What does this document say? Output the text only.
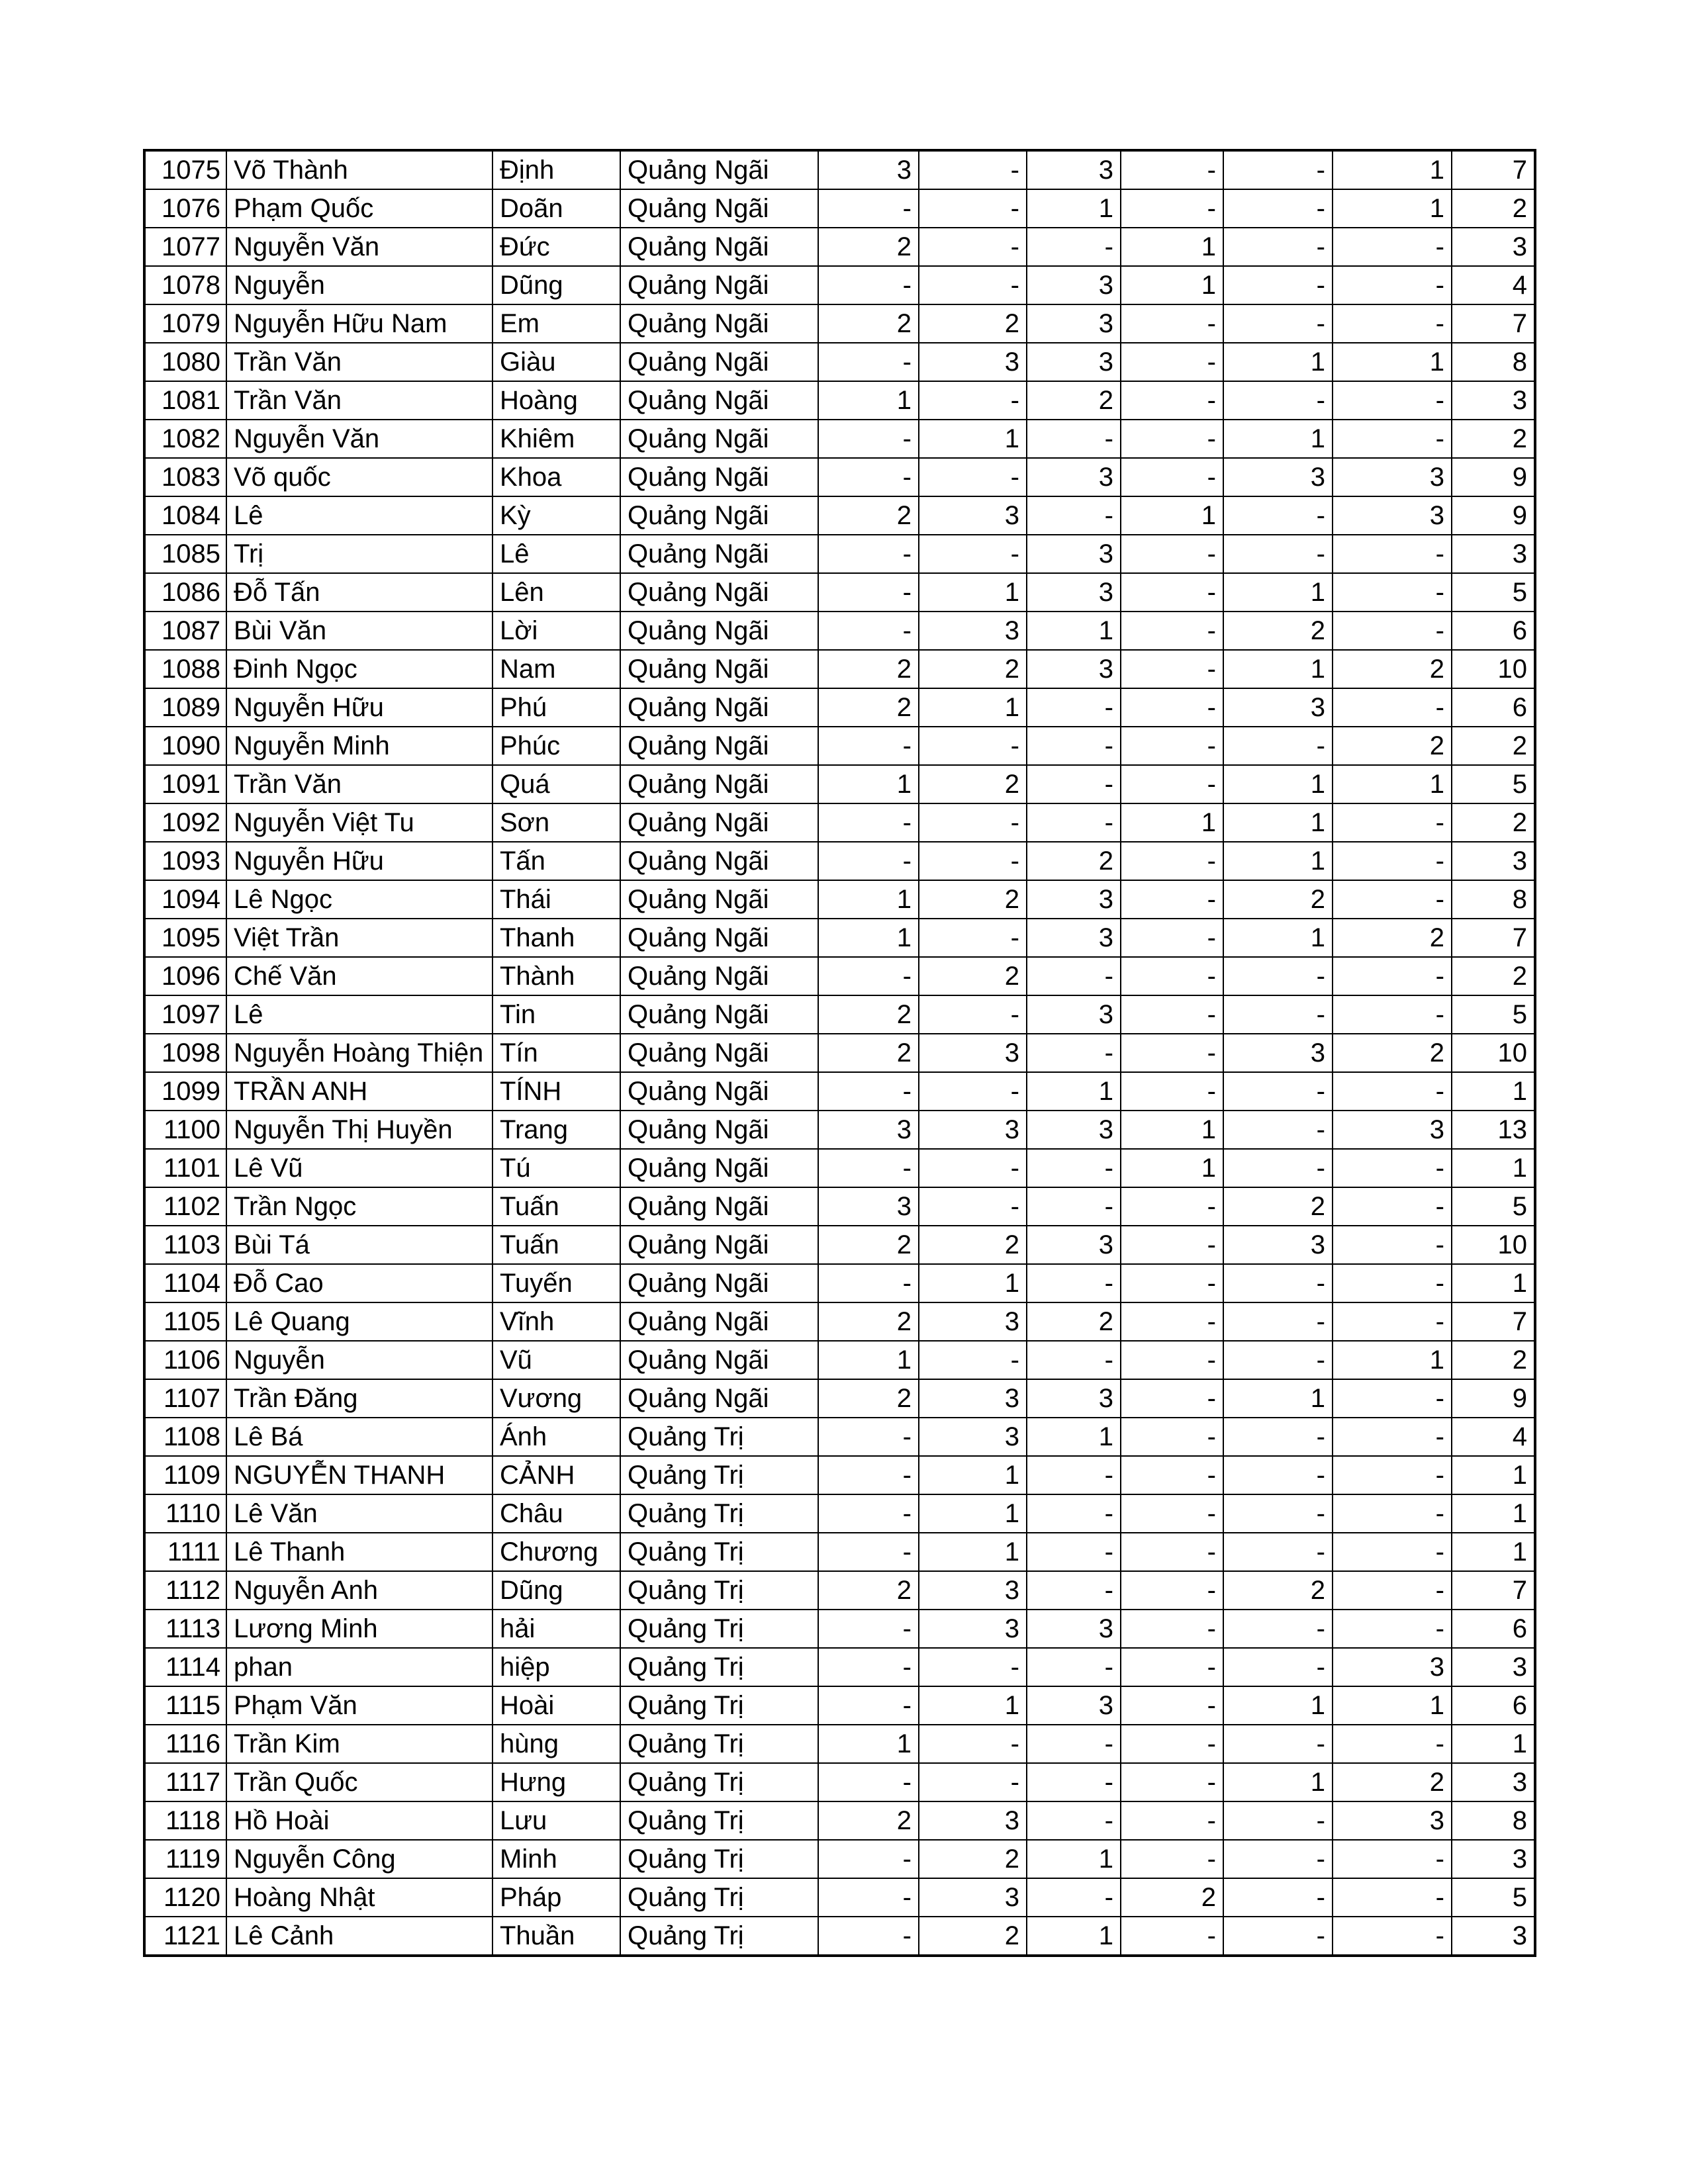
1075	Võ Thành	Định	Quảng Ngãi	3	-	3	-	-	1	7
1076	Phạm Quốc	Doãn	Quảng Ngãi	-	-	1	-	-	1	2
1077	Nguyễn Văn	Đức	Quảng Ngãi	2	-	-	1	-	-	3
1078	Nguyễn	Dũng	Quảng Ngãi	-	-	3	1	-	-	4
1079	Nguyễn Hữu Nam	Em	Quảng Ngãi	2	2	3	-	-	-	7
1080	Trần Văn	Giàu	Quảng Ngãi	-	3	3	-	1	1	8
1081	Trần Văn	Hoàng	Quảng Ngãi	1	-	2	-	-	-	3
1082	Nguyễn Văn	Khiêm	Quảng Ngãi	-	1	-	-	1	-	2
1083	Võ quốc	Khoa	Quảng Ngãi	-	-	3	-	3	3	9
1084	Lê	Kỳ	Quảng Ngãi	2	3	-	1	-	3	9
1085	Trị	Lê	Quảng Ngãi	-	-	3	-	-	-	3
1086	Đỗ Tấn	Lên	Quảng Ngãi	-	1	3	-	1	-	5
1087	Bùi Văn	Lời	Quảng Ngãi	-	3	1	-	2	-	6
1088	Đinh Ngọc	Nam	Quảng Ngãi	2	2	3	-	1	2	10
1089	Nguyễn Hữu	Phú	Quảng Ngãi	2	1	-	-	3	-	6
1090	Nguyễn Minh	Phúc	Quảng Ngãi	-	-	-	-	-	2	2
1091	Trần Văn	Quá	Quảng Ngãi	1	2	-	-	1	1	5
1092	Nguyễn Việt Tu	Sơn	Quảng Ngãi	-	-	-	1	1	-	2
1093	Nguyễn Hữu	Tấn	Quảng Ngãi	-	-	2	-	1	-	3
1094	Lê Ngọc	Thái	Quảng Ngãi	1	2	3	-	2	-	8
1095	Việt Trần	Thanh	Quảng Ngãi	1	-	3	-	1	2	7
1096	Chế Văn	Thành	Quảng Ngãi	-	2	-	-	-	-	2
1097	Lê	Tin	Quảng Ngãi	2	-	3	-	-	-	5
1098	Nguyễn Hoàng Thiện	Tín	Quảng Ngãi	2	3	-	-	3	2	10
1099	TRẦN ANH	TÍNH	Quảng Ngãi	-	-	1	-	-	-	1
1100	Nguyễn Thị Huyền	Trang	Quảng Ngãi	3	3	3	1	-	3	13
1101	Lê Vũ	Tú	Quảng Ngãi	-	-	-	1	-	-	1
1102	Trần Ngọc	Tuấn	Quảng Ngãi	3	-	-	-	2	-	5
1103	Bùi Tá	Tuấn	Quảng Ngãi	2	2	3	-	3	-	10
1104	Đỗ Cao	Tuyến	Quảng Ngãi	-	1	-	-	-	-	1
1105	Lê Quang	Vĩnh	Quảng Ngãi	2	3	2	-	-	-	7
1106	Nguyễn	Vũ	Quảng Ngãi	1	-	-	-	-	1	2
1107	Trần Đăng	Vương	Quảng Ngãi	2	3	3	-	1	-	9
1108	Lê Bá	Ánh	Quảng Trị	-	3	1	-	-	-	4
1109	NGUYỄN THANH	CẢNH	Quảng Trị	-	1	-	-	-	-	1
1110	Lê Văn	Châu	Quảng Trị	-	1	-	-	-	-	1
1111	Lê Thanh	Chương	Quảng Trị	-	1	-	-	-	-	1
1112	Nguyễn Anh	Dũng	Quảng Trị	2	3	-	-	2	-	7
1113	Lương Minh	hải	Quảng Trị	-	3	3	-	-	-	6
1114	phan	hiệp	Quảng Trị	-	-	-	-	-	3	3
1115	Phạm Văn	Hoài	Quảng Trị	-	1	3	-	1	1	6
1116	Trần Kim	hùng	Quảng Trị	1	-	-	-	-	-	1
1117	Trần Quốc	Hưng	Quảng Trị	-	-	-	-	1	2	3
1118	Hồ Hoài	Lưu	Quảng Trị	2	3	-	-	-	3	8
1119	Nguyễn Công	Minh	Quảng Trị	-	2	1	-	-	-	3
1120	Hoàng Nhật	Pháp	Quảng Trị	-	3	-	2	-	-	5
1121	Lê Cảnh	Thuần	Quảng Trị	-	2	1	-	-	-	3
